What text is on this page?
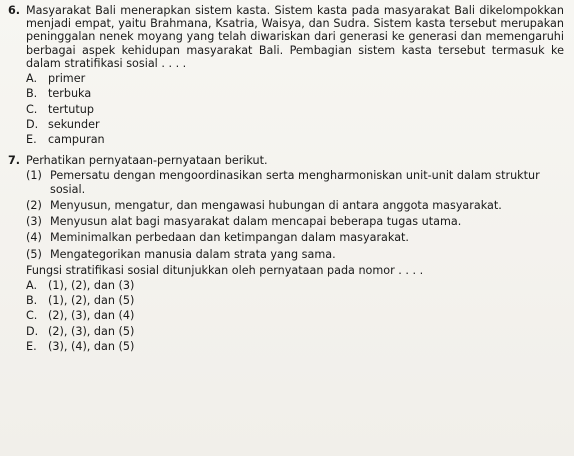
6. Masyarakat Bali menerapkan sistem kasta. Sistem kasta pada masyarakat Bali dikelompokkan menjadi empat, yaitu Brahmana, Ksatria, Waisya, dan Sudra. Sistem kasta tersebut merupakan peninggalan nenek moyang yang telah diwariskan dari generasi ke generasi dan memengaruhi berbagai aspek kehidupan masyarakat Bali. Pembagian sistem kasta tersebut termasuk ke dalam stratifikasi sosial . . . .

A. primer
B. terbuka
C. tertutup
D. sekunder
E.	campuran
7. Perhatikan pernyataan-pernyataan berikut.

(1) Pemersatu dengan mengoordinasikan serta mengharmoniskan unit-unit dalam struktur sosial.
(2) Menyusun, mengatur, dan mengawasi hubungan di antara anggota masyarakat.
(3) Menyusun alat bagi masyarakat dalam mencapai beberapa tugas utama.
(4) Meminimalkan perbedaan dan ketimpangan dalam masyarakat.
(5) Mengategorikan manusia dalam strata yang sama.

Fungsi stratifikasi sosial ditunjukkan oleh pernyataan pada nomor . . . .

A. (1), (2), dan (3)
B. (1), (2), dan (5)
C. (2), (3), dan (4)
D. (2), (3), dan (5)
E.	(3), (4), dan (5)
